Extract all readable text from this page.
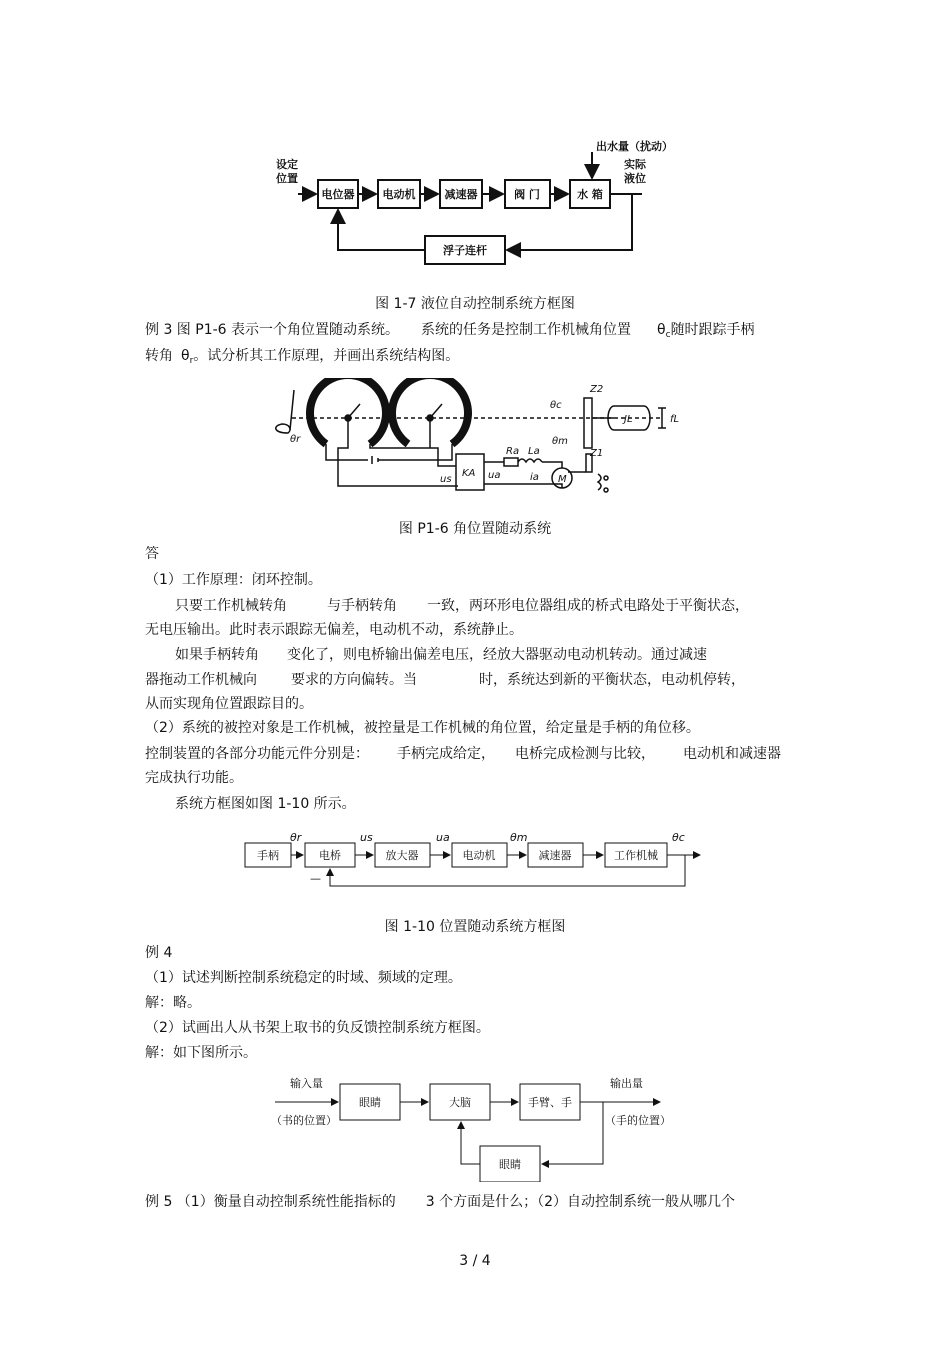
电位器	电动机	减速器	阀 门	水 箱
浮子连杆
设定
位置
实际
液位
出水量（扰动）
图 1-7 液位自动控制系统方框图
例 3 图 P1-6 表示一个角位置随动系统。 系统的任务是控制工作机械角位置 $\theta_c$随时跟踪手柄
转角 $\theta_r$。试分析其工作原理，并画出系统结构图。
θr
θc
θm
Z2
Z1
JL	fL
Ra La
KA
M
ia
us	ua
图 P1-6 角位置随动系统
答
（1）工作原理：闭环控制。
只要工作机械转角	与手柄转角 一致，两环形电位器组成的桥式电路处于平衡状态，
无电压输出。此时表示跟踪无偏差，电动机不动，系统静止。
如果手柄转角 变化了，则电桥输出偏差电压，经放大器驱动电动机转动。通过减速
器拖动工作机械向 要求的方向偏转。当	时，系统达到新的平衡状态，电动机停转，
从而实现角位置跟踪目的。
（2）系统的被控对象是工作机械，被控量是工作机械的角位置，给定量是手柄的角位移。
控制装置的各部分功能元件分别是： 手柄完成给定， 电桥完成检测与比较， 电动机和减速器
完成执行功能。
系统方框图如图 1-10 所示。
手柄	电桥	放大器	电动机	减速器	工作机械
θr	us	ua	θm	θc
—
图 1-10 位置随动系统方框图
例 4
（1）试述判断控制系统稳定的时域、频域的定理。
解：略。
（2）试画出人从书架上取书的负反馈控制系统方框图。
解：如下图所示。
眼睛	大脑	手臂、手
眼睛
输入量
（书的位置）
输出量
（手的位置）
例 5 （1）衡量自动控制系统性能指标的 3 个方面是什么；（2）自动控制系统一般从哪几个
3 / 4
